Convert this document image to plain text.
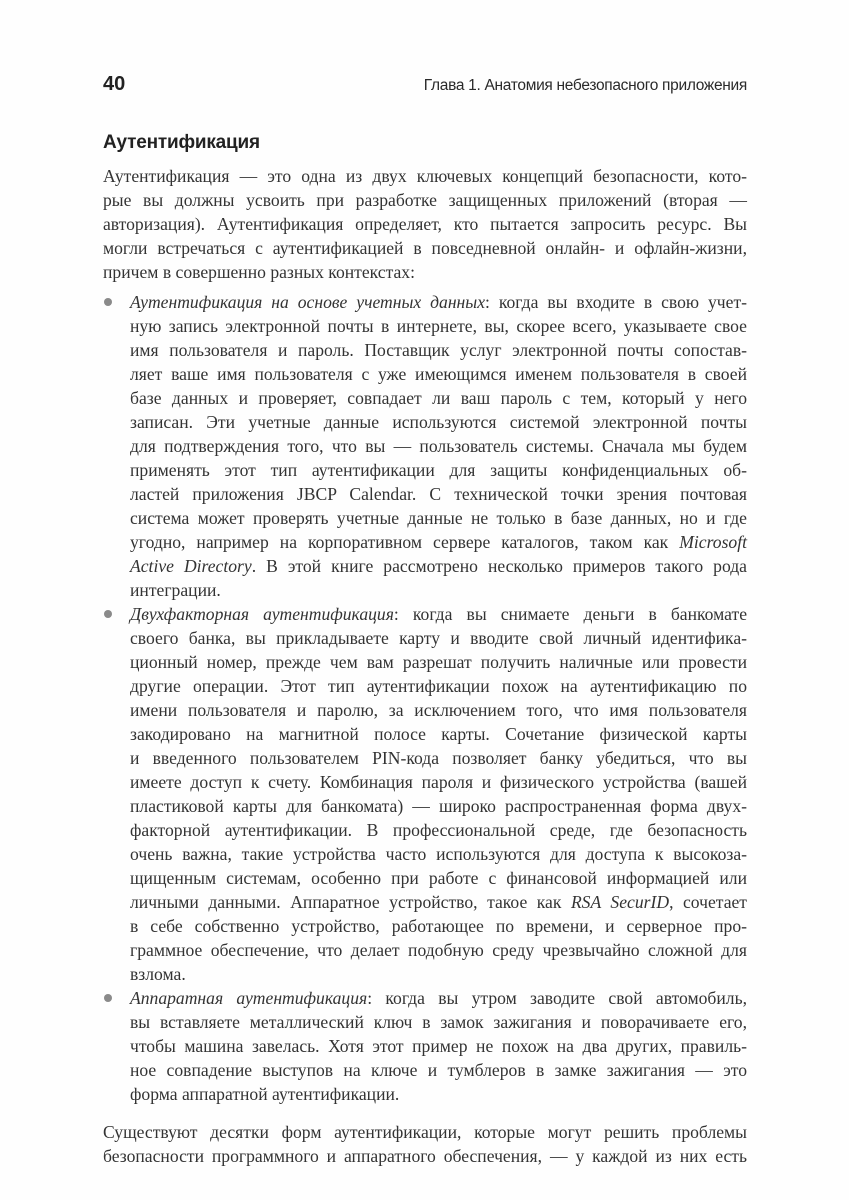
40	Глава 1. Анатомия небезопасного приложения
Аутентификация
Аутентификация — это одна из двух ключевых концепций безопасности, кото-
рые вы должны усвоить при разработке защищенных приложений (вторая —
авторизация). Аутентификация определяет, кто пытается запросить ресурс. Вы
могли встречаться с аутентификацией в повседневной онлайн- и офлайн-жизни,
причем в совершенно разных контекстах:
Аутентификация на основе учетных данных: когда вы входите в свою учет-
ную запись электронной почты в интернете, вы, скорее всего, указываете свое
имя пользователя и пароль. Поставщик услуг электронной почты сопостав-
ляет ваше имя пользователя с уже имеющимся именем пользователя в своей
базе данных и проверяет, совпадает ли ваш пароль с тем, который у него
записан. Эти учетные данные используются системой электронной почты
для подтверждения того, что вы — пользователь системы. Сначала мы будем
применять этот тип аутентификации для защиты конфиденциальных об-
ластей приложения JBCP Calendar. С технической точки зрения почтовая
система может проверять учетные данные не только в базе данных, но и где
угодно, например на корпоративном сервере каталогов, таком как Microsoft
Active Directory. В этой книге рассмотрено несколько примеров такого рода
интеграции.
Двухфакторная аутентификация: когда вы снимаете деньги в банкомате
своего банка, вы прикладываете карту и вводите свой личный идентифика-
ционный номер, прежде чем вам разрешат получить наличные или провести
другие операции. Этот тип аутентификации похож на аутентификацию по
имени пользователя и паролю, за исключением того, что имя пользователя
закодировано на магнитной полосе карты. Сочетание физической карты
и введенного пользователем PIN-кода позволяет банку убедиться, что вы
имеете доступ к счету. Комбинация пароля и физического устройства (вашей
пластиковой карты для банкомата) — широко распространенная форма двух-
факторной аутентификации. В профессиональной среде, где безопасность
очень важна, такие устройства часто используются для доступа к высокоза-
щищенным системам, особенно при работе с финансовой информацией или
личными данными. Аппаратное устройство, такое как RSA SecurID, сочетает
в себе собственно устройство, работающее по времени, и серверное про-
граммное обеспечение, что делает подобную среду чрезвычайно сложной для
взлома.
Аппаратная аутентификация: когда вы утром заводите свой автомобиль,
вы вставляете металлический ключ в замок зажигания и поворачиваете его,
чтобы машина завелась. Хотя этот пример не похож на два других, правиль-
ное совпадение выступов на ключе и тумблеров в замке зажигания — это
форма аппаратной аутентификации.
Существуют десятки форм аутентификации, которые могут решить проблемы
безопасности программного и аппаратного обеспечения, — у каждой из них есть
